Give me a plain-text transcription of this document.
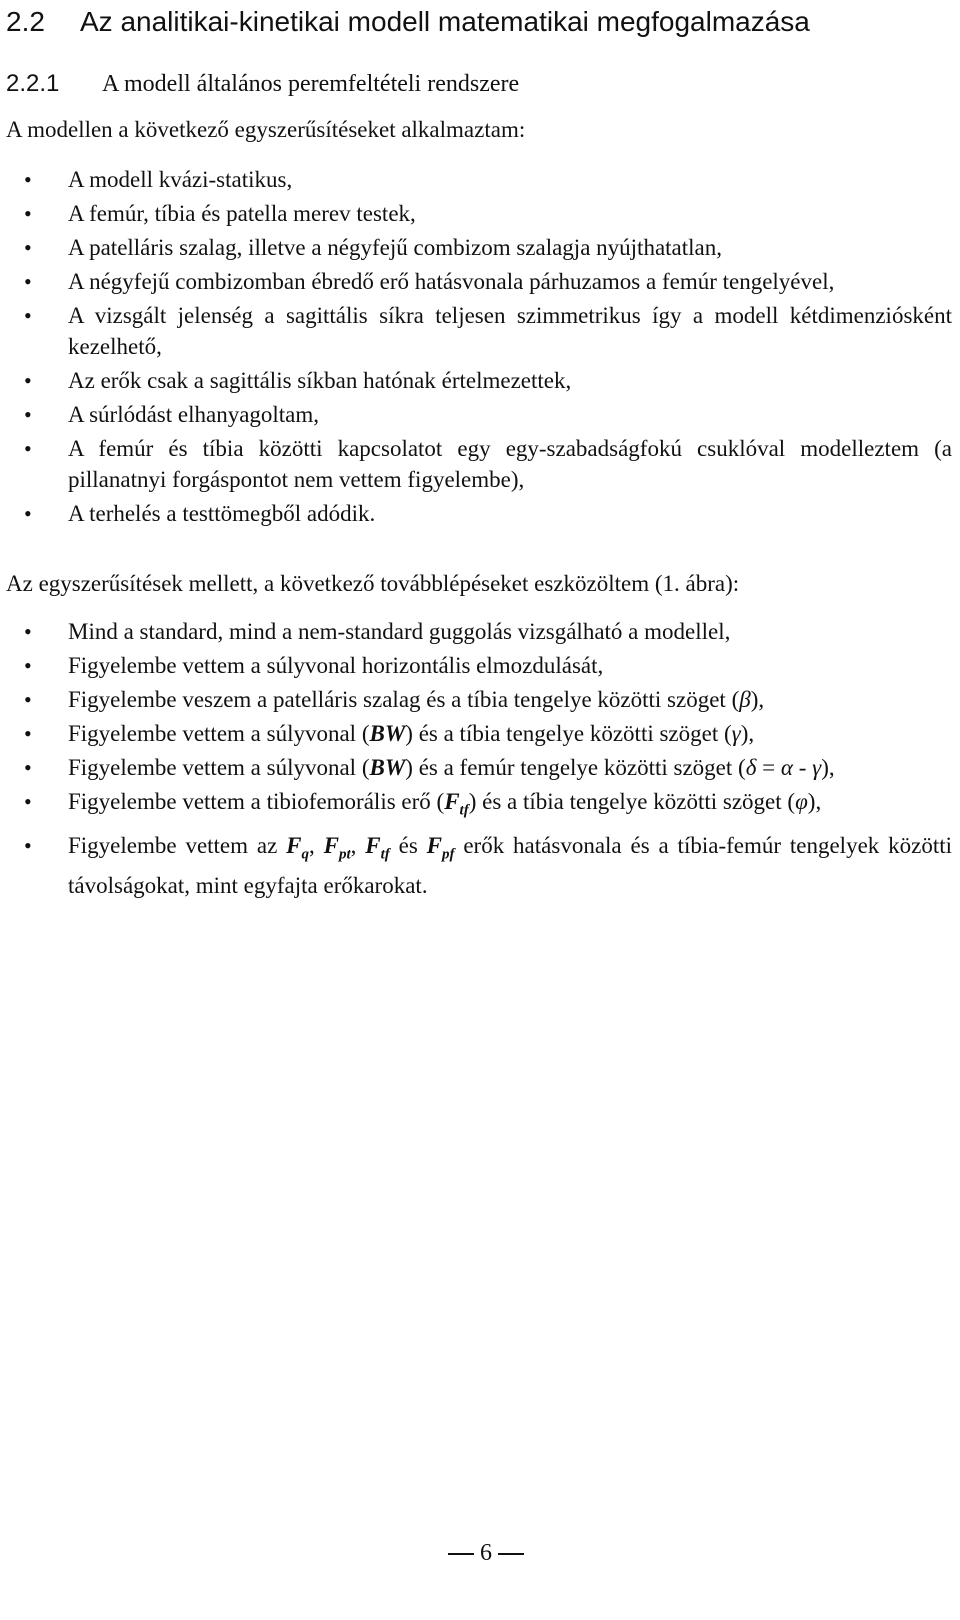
2.2 Az analitikai-kinetikai modell matematikai megfogalmazása
2.2.1 A modell általános peremfeltételi rendszere

A modellen a következő egyszerűsítéseket alkalmaztam:

• A modell kvázi-statikus,
• A femúr, tíbia és patella merev testek,
• A patelláris szalag, illetve a négyfejű combizom szalagja nyújthatatlan,
• A négyfejű combizomban ébredő erő hatásvonala párhuzamos a femúr tengelyével,
• A vizsgált jelenség a sagittális síkra teljesen szimmetrikus így a modell kétdimenziósként kezelhető,
• Az erők csak a sagittális síkban hatónak értelmezettek,
• A súrlódást elhanyagoltam,
• A femúr és tíbia közötti kapcsolatot egy egy-szabadságfokú csuklóval modelleztem (a pillanatnyi forgáspontot nem vettem figyelembe),
• A terhelés a testtömegből adódik.

Az egyszerűsítések mellett, a következő továbblépéseket eszközöltem (1. ábra):

• Mind a standard, mind a nem-standard guggolás vizsgálható a modellel,
• Figyelembe vettem a súlyvonal horizontális elmozdulását,
• Figyelembe veszem a patelláris szalag és a tíbia tengelye közötti szöget (β),
• Figyelembe vettem a súlyvonal (BW) és a tíbia tengelye közötti szöget (γ),
• Figyelembe vettem a súlyvonal (BW) és a femúr tengelye közötti szöget (δ = α - γ),
• Figyelembe vettem a tibiofemorális erő $(F_{tf})$ és a tíbia tengelye közötti szöget (φ),
• Figyelembe vettem az $F_q$, $F_{pt}$, $F_{tf}$ és $F_{pf}$ erők hatásvonala és a tíbia-femúr tengelyek közötti távolságokat, mint egyfajta erőkarokat.
6
